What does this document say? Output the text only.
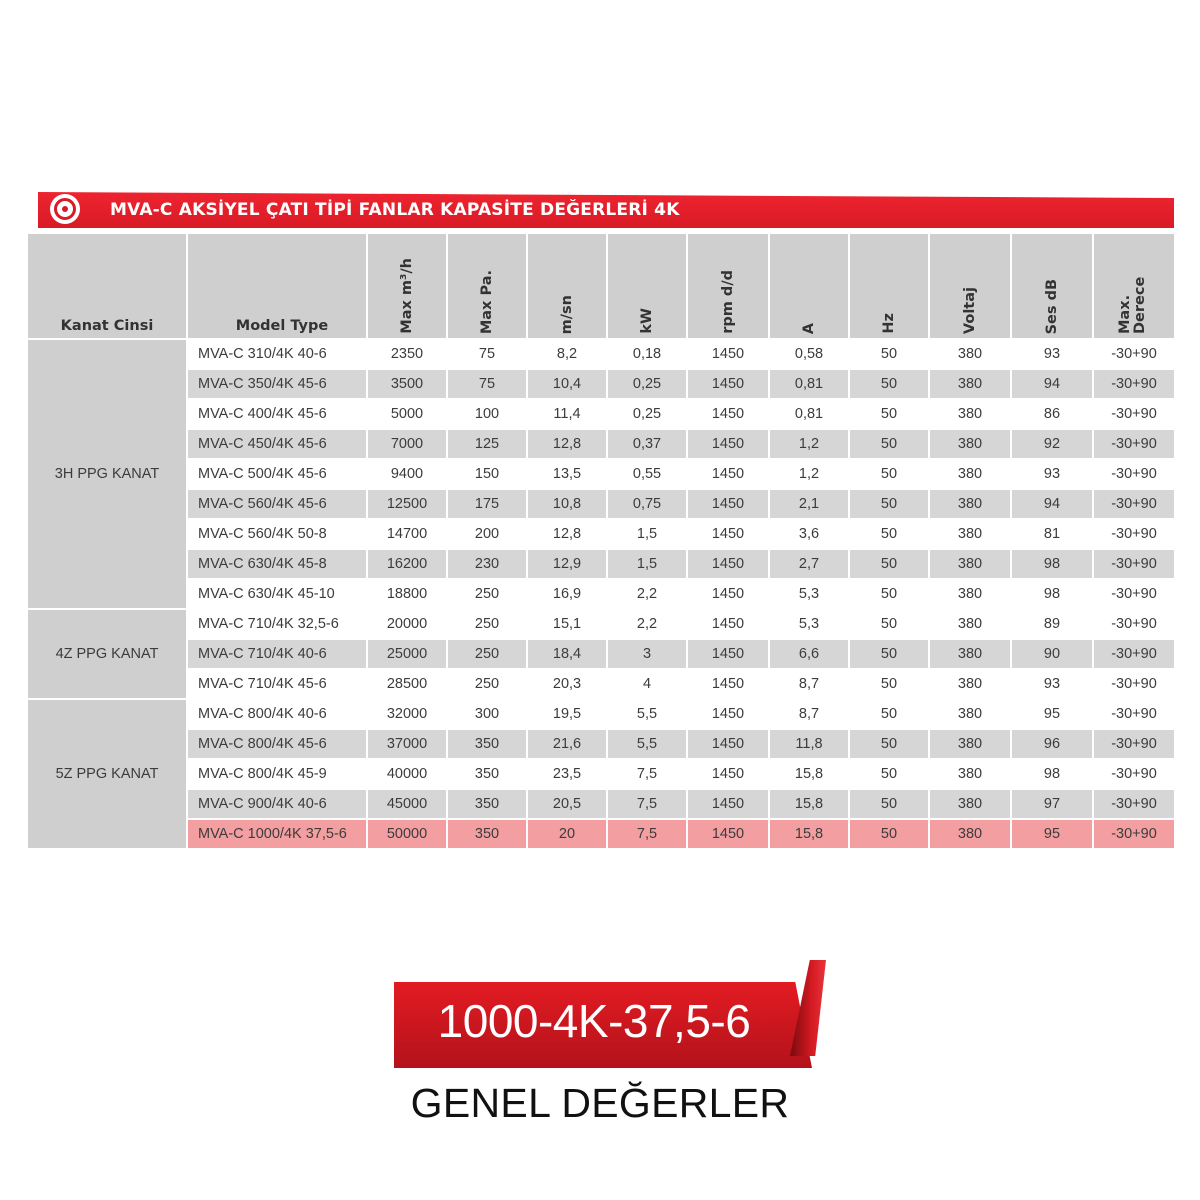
MVA-C AKSİYEL ÇATI TİPİ FANLAR KAPASİTE DEĞERLERİ 4K
Kanat Cinsi	Model Type	Max m³/h	Max Pa.	m/sn	kW	rpm d/d	A	Hz	Voltaj	Ses dB	Max. Derece

3H PPG KANAT	MVA-C 310/4K 40-6	2350	75	8,2	0,18	1450	0,58	50	380	93	-30+90
	MVA-C 350/4K 45-6	3500	75	10,4	0,25	1450	0,81	50	380	94	-30+90
	MVA-C 400/4K 45-6	5000	100	11,4	0,25	1450	0,81	50	380	86	-30+90
	MVA-C 450/4K 45-6	7000	125	12,8	0,37	1450	1,2	50	380	92	-30+90
	MVA-C 500/4K 45-6	9400	150	13,5	0,55	1450	1,2	50	380	93	-30+90
	MVA-C 560/4K 45-6	12500	175	10,8	0,75	1450	2,1	50	380	94	-30+90
	MVA-C 560/4K 50-8	14700	200	12,8	1,5	1450	3,6	50	380	81	-30+90
	MVA-C 630/4K 45-8	16200	230	12,9	1,5	1450	2,7	50	380	98	-30+90
	MVA-C 630/4K 45-10	18800	250	16,9	2,2	1450	5,3	50	380	98	-30+90
4Z PPG KANAT	MVA-C 710/4K 32,5-6	20000	250	15,1	2,2	1450	5,3	50	380	89	-30+90
	MVA-C 710/4K 40-6	25000	250	18,4	3	1450	6,6	50	380	90	-30+90
	MVA-C 710/4K 45-6	28500	250	20,3	4	1450	8,7	50	380	93	-30+90
5Z PPG KANAT	MVA-C 800/4K 40-6	32000	300	19,5	5,5	1450	8,7	50	380	95	-30+90
	MVA-C 800/4K 45-6	37000	350	21,6	5,5	1450	11,8	50	380	96	-30+90
	MVA-C 800/4K 45-9	40000	350	23,5	7,5	1450	15,8	50	380	98	-30+90
	MVA-C 900/4K 40-6	45000	350	20,5	7,5	1450	15,8	50	380	97	-30+90
	MVA-C 1000/4K 37,5-6	50000	350	20	7,5	1450	15,8	50	380	95	-30+90
1000-4K-37,5-6
GENEL DEĞERLER
